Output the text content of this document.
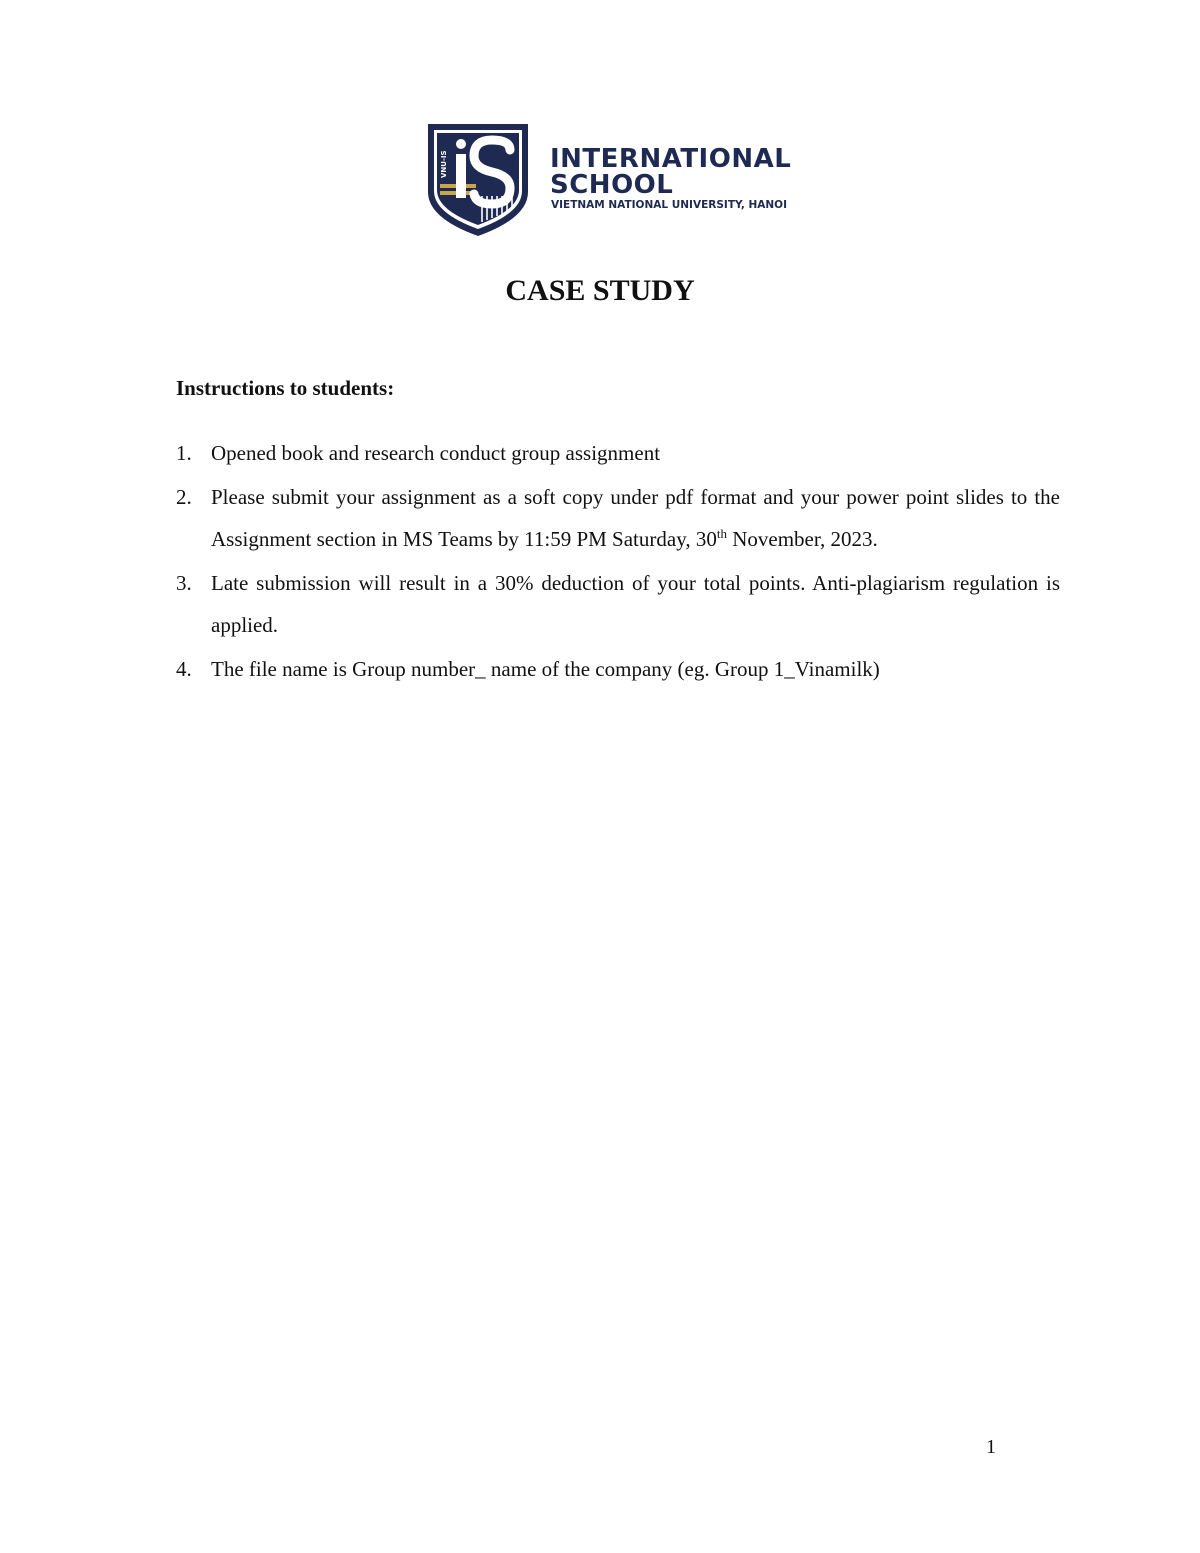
VNU-IS	INTERNATIONAL
SCHOOL
VIETNAM NATIONAL UNIVERSITY, HANOI
CASE STUDY

Instructions to students:

1. Opened book and research conduct group assignment
2. Please submit your assignment as a soft copy under pdf format and your power point slides to the Assignment section in MS Teams by 11:59 PM Saturday, 30th November, 2023.
3. Late submission will result in a 30% deduction of your total points. Anti-plagiarism regulation is applied.
4. The file name is Group number_ name of the company (eg. Group 1_Vinamilk)
1
